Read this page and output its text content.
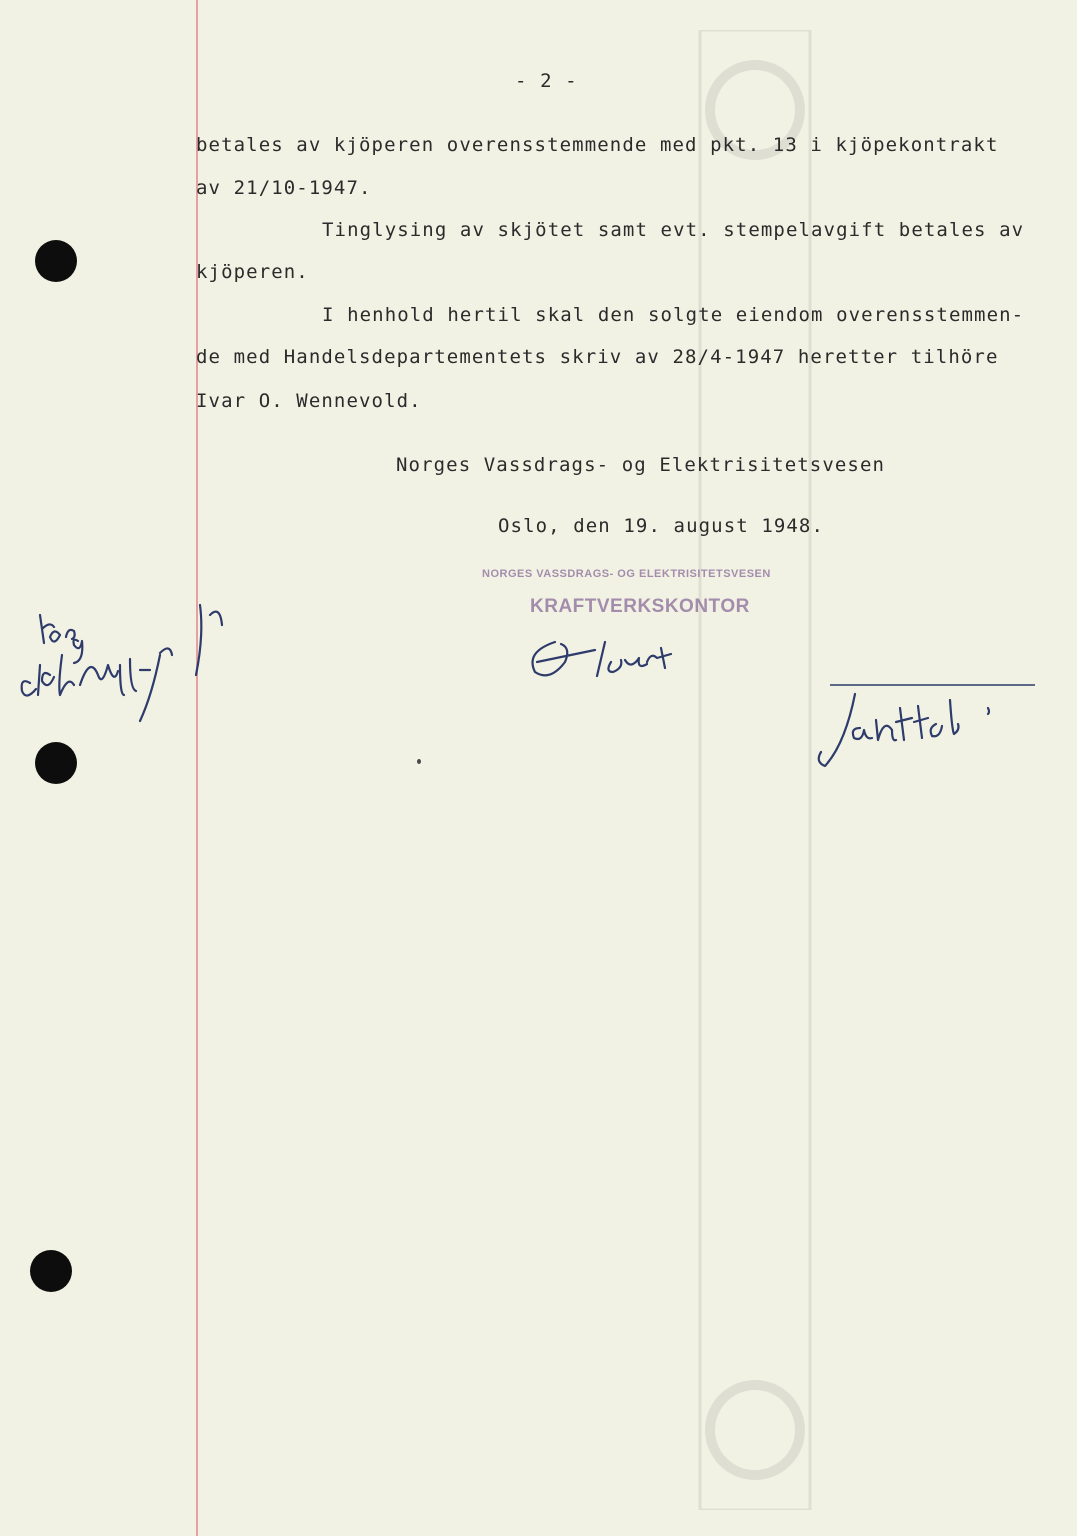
- 2 -
betales av kjöperen overensstemmende med pkt. 13 i kjöpekontrakt
av 21/10-1947.
Tinglysing av skjötet samt evt. stempelavgift betales av
kjöperen.
I henhold hertil skal den solgte eiendom overensstemmen-
de med Handelsdepartementets skriv av 28/4-1947 heretter tilhöre
Ivar O. Wennevold.
Norges Vassdrags- og Elektrisitetsvesen
Oslo, den 19. august 1948.
NORGES VASSDRAGS- OG ELEKTRISITETSVESEN
KRAFTVERKSKONTOR
